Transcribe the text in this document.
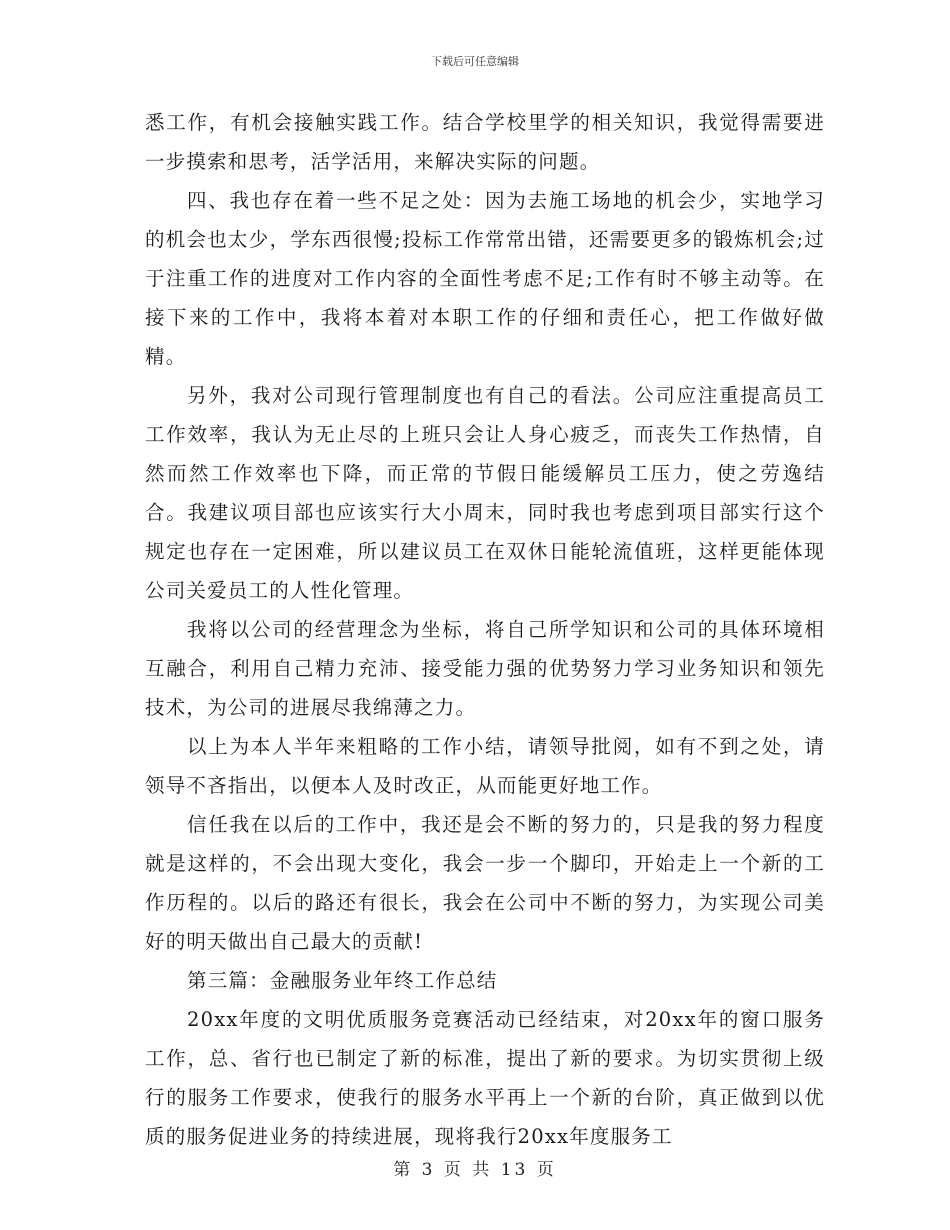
下载后可任意编辑

悉工作，有机会接触实践工作。结合学校里学的相关知识，我觉得需要进一步摸索和思考，活学活用，来解决实际的问题。

四、我也存在着一些不足之处：因为去施工场地的机会少，实地学习的机会也太少，学东西很慢;投标工作常常出错，还需要更多的锻炼机会;过于注重工作的进度对工作内容的全面性考虑不足;工作有时不够主动等。在接下来的工作中，我将本着对本职工作的仔细和责任心，把工作做好做精。

另外，我对公司现行管理制度也有自己的看法。公司应注重提高员工工作效率，我认为无止尽的上班只会让人身心疲乏，而丧失工作热情，自然而然工作效率也下降，而正常的节假日能缓解员工压力，使之劳逸结合。我建议项目部也应该实行大小周末，同时我也考虑到项目部实行这个规定也存在一定困难，所以建议员工在双休日能轮流值班，这样更能体现公司关爱员工的人性化管理。

我将以公司的经营理念为坐标，将自己所学知识和公司的具体环境相互融合，利用自己精力充沛、接受能力强的优势努力学习业务知识和领先技术，为公司的进展尽我绵薄之力。

以上为本人半年来粗略的工作小结，请领导批阅，如有不到之处，请领导不吝指出，以便本人及时改正，从而能更好地工作。

信任我在以后的工作中，我还是会不断的努力的，只是我的努力程度就是这样的，不会出现大变化，我会一步一个脚印，开始走上一个新的工作历程的。以后的路还有很长，我会在公司中不断的努力，为实现公司美好的明天做出自己最大的贡献!

第三篇：金融服务业年终工作总结

20xx年度的文明优质服务竞赛活动已经结束，对20xx年的窗口服务工作，总、省行也已制定了新的标准，提出了新的要求。为切实贯彻上级行的服务工作要求，使我行的服务水平再上一个新的台阶，真正做到以优质的服务促进业务的持续进展，现将我行20xx年度服务工

第 3 页 共 13 页
